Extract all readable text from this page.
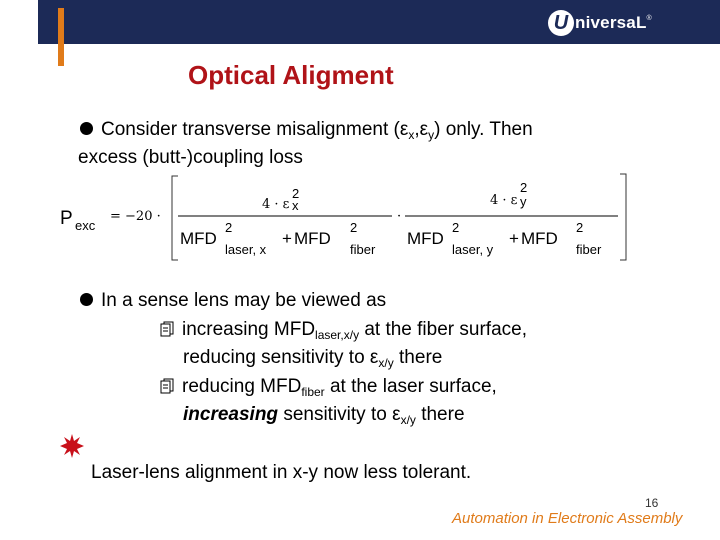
U niversaL ®
Optical Aligment
Consider transverse misalignment $(\varepsilon_x,\varepsilon_y)$ only. Then
excess (butt-)coupling loss
P exc
= −20 ·
4 · ε
2
x
MFD
2
laser, x
+ MFD
2
fiber
·
4 · ε
2
y
MFD
2
laser, y
+ MFD
2
fiber
In a sense lens may be viewed as
increasing $MFD_{laser,x/y}$ at the fiber surface,
reducing sensitivity to $\varepsilon_{x/y}$ there
reducing $MFD_{fiber}$ at the laser surface,
increasing sensitivity to $\varepsilon_{x/y}$ there
Laser-lens alignment in x-y now less tolerant.
16
Automation in Electronic Assembly
